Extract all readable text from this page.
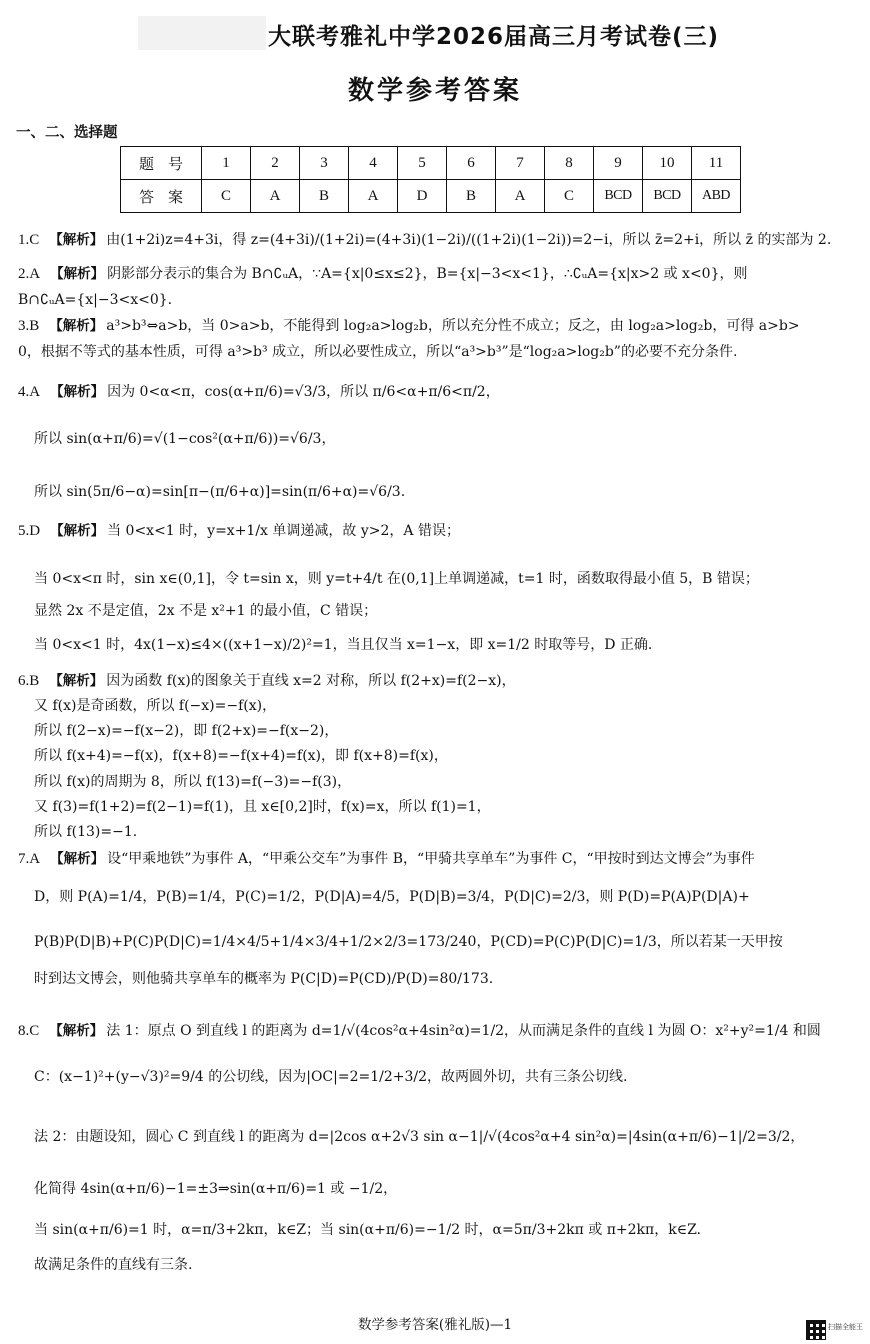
大联考雅礼中学2026届高三月考试卷(三)
数学参考答案
一、二、选择题
题号	1	2	3	4	5	6	7	8	9	10	11
答案	C	A	B	A	D	B	A	C	BCD	BCD	ABD
1.C 【解析】 由(1+2i)z=4+3i，得 z=(4+3i)/(1+2i)=(4+3i)(1−2i)/((1+2i)(1−2i))=2−i，所以 z̄=2+i，所以 z̄ 的实部为 2.
2.A 【解析】 阴影部分表示的集合为 B∩∁ᵤA，∵A={x|0≤x≤2}，B={x|−3<x<1}，∴∁ᵤA={x|x>2 或 x<0}，则
B∩∁ᵤA={x|−3<x<0}.
3.B 【解析】 a³>b³⇔a>b，当 0>a>b，不能得到 log₂a>log₂b，所以充分性不成立；反之，由 log₂a>log₂b，可得 a>b>
0，根据不等式的基本性质，可得 a³>b³ 成立，所以必要性成立，所以“a³>b³”是“log₂a>log₂b”的必要不充分条件.
4.A 【解析】 因为 0<α<π，cos(α+π/6)=√3/3，所以 π/6<α+π/6<π/2，
所以 sin(α+π/6)=√(1−cos²(α+π/6))=√6/3，
所以 sin(5π/6−α)=sin[π−(π/6+α)]=sin(π/6+α)=√6/3.
5.D 【解析】 当 0<x<1 时，y=x+1/x 单调递减，故 y>2，A 错误；
当 0<x<π 时，sin x∈(0,1]，令 t=sin x，则 y=t+4/t 在(0,1]上单调递减，t=1 时，函数取得最小值 5，B 错误；
显然 2x 不是定值，2x 不是 x²+1 的最小值，C 错误；
当 0<x<1 时，4x(1−x)≤4×((x+1−x)/2)²=1，当且仅当 x=1−x，即 x=1/2 时取等号，D 正确.
6.B 【解析】 因为函数 f(x)的图象关于直线 x=2 对称，所以 f(2+x)=f(2−x)，
又 f(x)是奇函数，所以 f(−x)=−f(x)，
所以 f(2−x)=−f(x−2)，即 f(2+x)=−f(x−2)，
所以 f(x+4)=−f(x)，f(x+8)=−f(x+4)=f(x)，即 f(x+8)=f(x)，
所以 f(x)的周期为 8，所以 f(13)=f(−3)=−f(3)，
又 f(3)=f(1+2)=f(2−1)=f(1)，且 x∈[0,2]时，f(x)=x，所以 f(1)=1，
所以 f(13)=−1.
7.A 【解析】 设“甲乘地铁”为事件 A，“甲乘公交车”为事件 B，“甲骑共享单车”为事件 C，“甲按时到达文博会”为事件
D，则 P(A)=1/4，P(B)=1/4，P(C)=1/2，P(D|A)=4/5，P(D|B)=3/4，P(D|C)=2/3，则 P(D)=P(A)P(D|A)+
P(B)P(D|B)+P(C)P(D|C)=1/4×4/5+1/4×3/4+1/2×2/3=173/240，P(CD)=P(C)P(D|C)=1/3，所以若某一天甲按
时到达文博会，则他骑共享单车的概率为 P(C|D)=P(CD)/P(D)=80/173.
8.C 【解析】 法 1：原点 O 到直线 l 的距离为 d=1/√(4cos²α+4sin²α)=1/2，从而满足条件的直线 l 为圆 O：x²+y²=1/4 和圆
C：(x−1)²+(y−√3)²=9/4 的公切线，因为|OC|=2=1/2+3/2，故两圆外切，共有三条公切线.
法 2：由题设知，圆心 C 到直线 l 的距离为 d=|2cos α+2√3 sin α−1|/√(4cos²α+4 sin²α)=|4sin(α+π/6)−1|/2=3/2，
化简得 4sin(α+π/6)−1=±3⇒sin(α+π/6)=1 或 −1/2，
当 sin(α+π/6)=1 时，α=π/3+2kπ，k∈Z；当 sin(α+π/6)=−1/2 时，α=5π/3+2kπ 或 π+2kπ，k∈Z.
故满足条件的直线有三条.
数学参考答案(雅礼版)—1	扫描全能王
